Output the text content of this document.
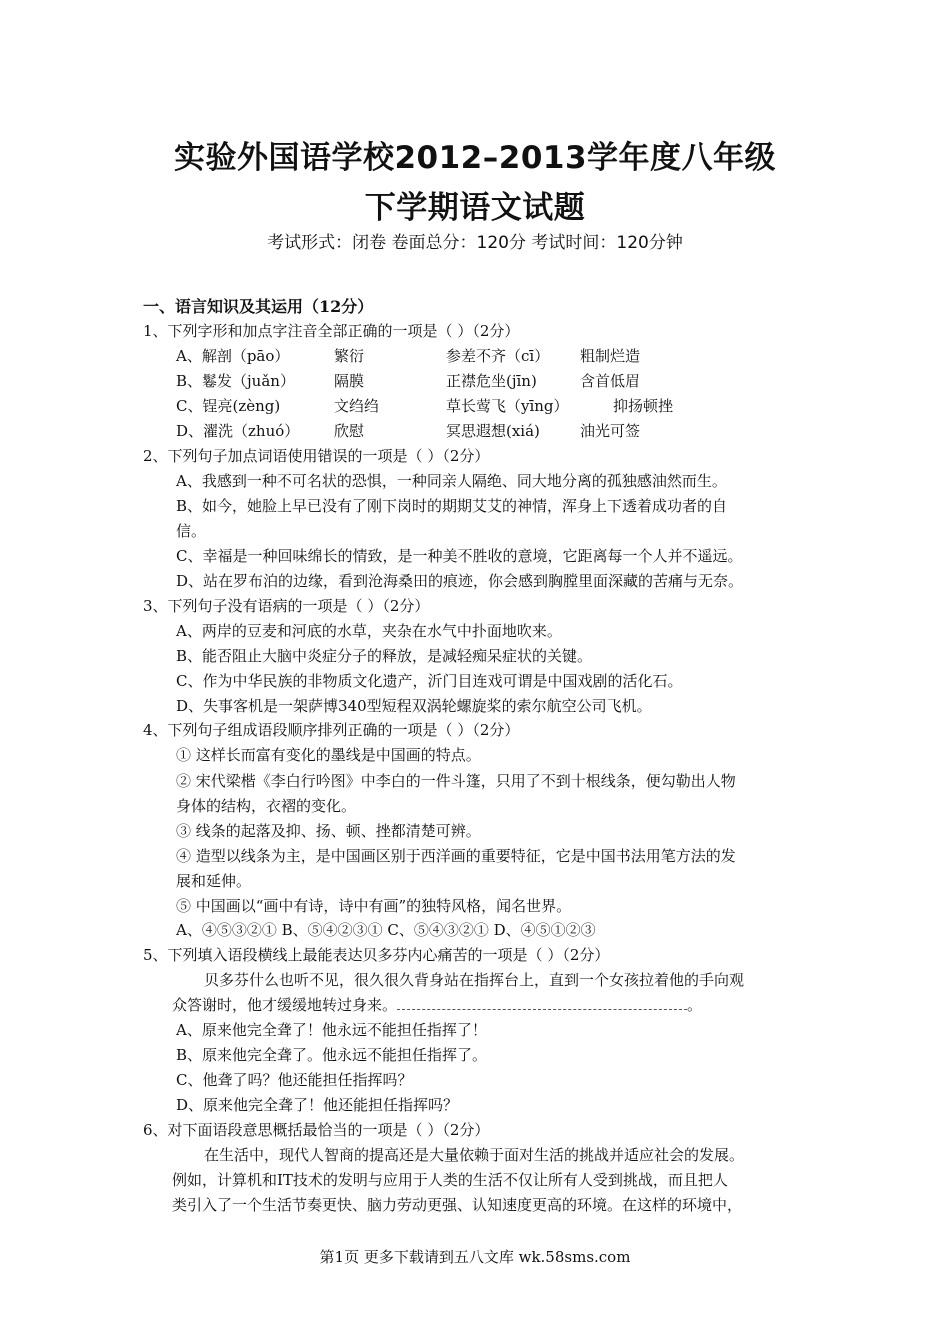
实验外国语学校2012–2013学年度八年级
下学期语文试题
考试形式：闭卷 卷面总分：120分 考试时间：120分钟
一、语言知识及其运用（12分）
1、下列字形和加点字注音全部正确的一项是（ ）（2分）
A、解剖（pāo）	繁衍	参差不齐（cī） 粗制烂造
B、鬈发（juǎn）	隔膜	正襟危坐(jīn)	含首低眉
C、锃亮(zèng)	文绉绉	草长莺飞（yīng）	抑扬顿挫
D、濯洗（zhuó） 欣慰	冥思遐想(xiá)	油光可签
2、下列句子加点词语使用错误的一项是（ ）（2分）
A、我感到一种不可名状的恐惧，一种同亲人隔绝、同大地分离的孤独感油然而生。
B、如今，她脸上早已没有了刚下岗时的期期艾艾的神情，浑身上下透着成功者的自
信。
C、幸福是一种回味绵长的情致，是一种美不胜收的意境，它距离每一个人并不遥远。
D、站在罗布泊的边缘，看到沧海桑田的痕迹，你会感到胸膛里面深藏的苦痛与无奈。
3、下列句子没有语病的一项是（ ）（2分）
A、两岸的豆麦和河底的水草，夹杂在水气中扑面地吹来。
B、能否阻止大脑中炎症分子的释放，是减轻痴呆症状的关键。
C、作为中华民族的非物质文化遗产，沂门目连戏可谓是中国戏剧的活化石。
D、失事客机是一架萨博340型短程双涡轮螺旋桨的索尔航空公司飞机。
4、下列句子组成语段顺序排列正确的一项是（ ）（2分）
① 这样长而富有变化的墨线是中国画的特点。
② 宋代梁楷《李白行吟图》中李白的一件斗篷，只用了不到十根线条，便勾勒出人物
身体的结构，衣褶的变化。
③ 线条的起落及抑、扬、顿、挫都清楚可辨。
④ 造型以线条为主，是中国画区别于西洋画的重要特征，它是中国书法用笔方法的发
展和延伸。
⑤ 中国画以“画中有诗，诗中有画”的独特风格，闻名世界。
A、④⑤③②① B、⑤④②③① C、⑤④③②① D、④⑤①②③
5、下列填入语段横线上最能表达贝多芬内心痛苦的一项是（ ）（2分）
贝多芬什么也听不见，很久很久背身站在指挥台上，直到一个女孩拉着他的手向观
众答谢时，他才缓缓地转过身来。	。
A、原来他完全聋了！他永远不能担任指挥了！
B、原来他完全聋了。他永远不能担任指挥了。
C、他聋了吗？他还能担任指挥吗？
D、原来他完全聋了！他还能担任指挥吗？
6、对下面语段意思概括最恰当的一项是（ ）（2分）
在生活中，现代人智商的提高还是大量依赖于面对生活的挑战并适应社会的发展。
例如，计算机和IT技术的发明与应用于人类的生活不仅让所有人受到挑战，而且把人
类引入了一个生活节奏更快、脑力劳动更强、认知速度更高的环境。在这样的环境中，
第1页 更多下载请到五八文库 wk.58sms.com
